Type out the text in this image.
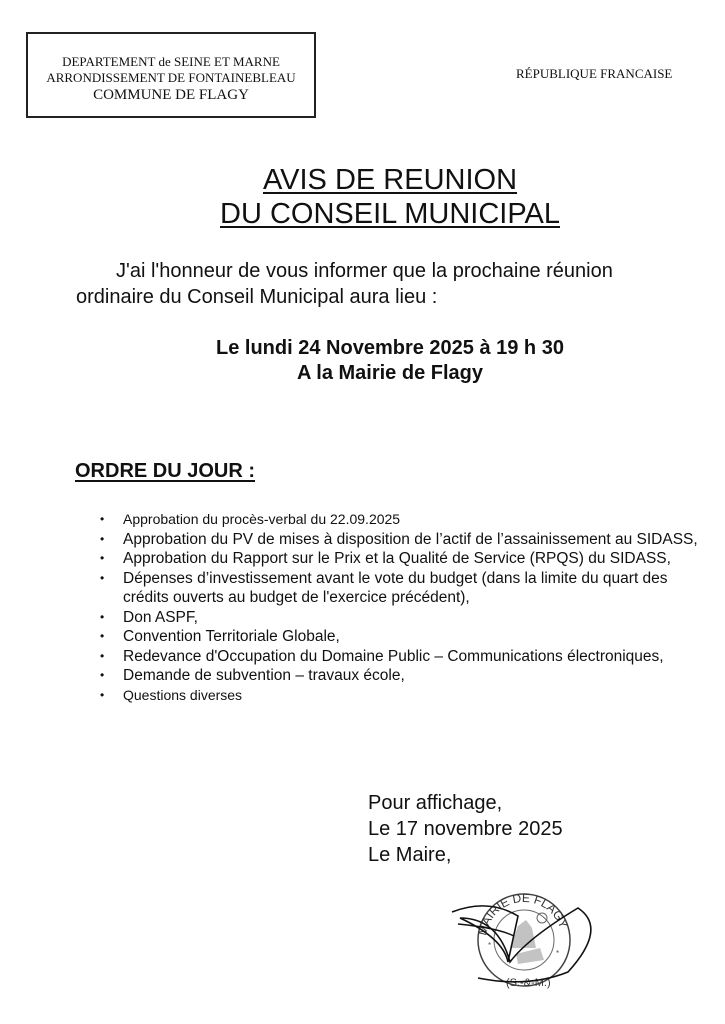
DEPARTEMENT de SEINE ET MARNE
ARRONDISSEMENT DE FONTAINEBLEAU
COMMUNE DE FLAGY
RÉPUBLIQUE FRANCAISE
AVIS DE REUNION
DU CONSEIL MUNICIPAL
J'ai l'honneur de vous informer que la prochaine réunion ordinaire du Conseil Municipal aura lieu :
Le lundi 24 Novembre 2025 à 19 h 30
A la Mairie de Flagy
ORDRE DU JOUR :
• Approbation du procès-verbal du 22.09.2025
• Approbation du PV de mises à disposition de l’actif de l’assainissement au SIDASS,
• Approbation du Rapport sur le Prix et la Qualité de Service (RPQS) du SIDASS,
• Dépenses d’investissement avant le vote du budget (dans la limite du quart des crédits ouverts au budget de l'exercice précédent),
• Don ASPF,
• Convention Territoriale Globale,
• Redevance d'Occupation du Domaine Public – Communications électroniques,
• Demande de subvention – travaux école,
• Questions diverses
Pour affichage,
Le 17 novembre 2025
Le Maire,
MAIRIE DE FLAGY
(S.-&-M.)
*
*
